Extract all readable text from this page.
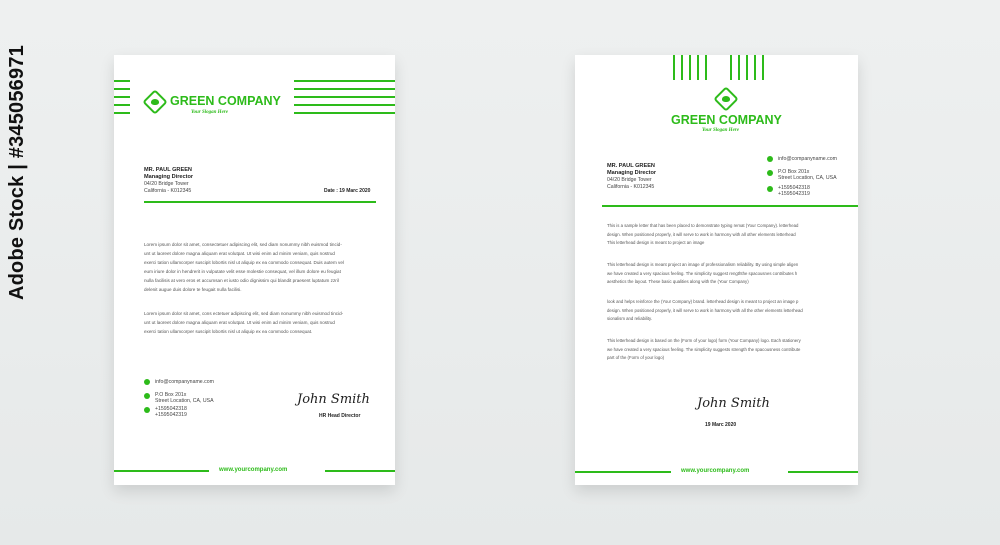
Adobe Stock | #345056971	GREEN COMPANY
Your Slogan Here
MR. PAUL GREEN
Managing Director
04/20 Bridge Tower
California - K012345	Date : 19 Marc 2020
Lorem ipsum dolor sit amet, consectetuer adipiscing elit, sed diam nonummy nibh euismod tincid-
unt ut laoreet dolore magna aliquam erat volutpat. Ut wisi enim ad minim veniam, quis nostrud
exerci tation ullamcorper suscipit lobortis nisl ut aliquip ex ea commodo consequat. Duis autem vel
eum iriure dolor in hendrerit in vulputate velit esse molestie consequat, vel illum dolore eu feugiat
nulla facilisis at vero eros et accumsan et iusto odio dignissim qui blandit praesent luptatum zzril
delenit augue duis dolore te feugait nulla facilisi.
Lorem ipsum dolor sit amet, cons ectetuer adipiscing elit, sed diam nonummy nibh euismod tincid-
unt ut laoreet dolore magna aliquam erat volutpat. Ut wisi enim ad minim veniam, quis nostrud
exerci tation ullamcorper suscipit lobortis nisl ut aliquip ex ea commodo consequat.
info@companyname.com
P.O Box 201x
Street Location, CA, USA
+1595042318
+1595042319
John Smith
HR Head Director
www.yourcompany.com
GREEN COMPANY
Your Slogan Here
MR. PAUL GREEN
Managing Director
04/20 Bridge Tower
California - K012345
info@companyname.com
P.O Box 201x
Street Location, CA, USA
+1595042318
+1595042319
This is a sample letter that has been placed to demonstrate typing remat (Your Company). letterhead
design. When positioned properly, it will serve to work in harmony with all other elements letterhead
This letterhead design is meant to project an image
This letterhead design is meant project an image of professionalism reliability. By using simple aligen
we have created a very spacious feeling. The simplicity suggest rengththe spacousnes contributes h
aesthetics the layout. These basic qualities along with the (Your Company)
look and helps reinforce the (Your Company) brand. letterhead design is meant to project an image p
design. When positioned properly, it will serve to work in harmony with all the other elements letterhead
sionalism and reliability.
This letterhead design is based on the (Form of your logo) form (Your Company) logo. Each stationery
we have created a very spacious feeling. The simplicity suggests strength the spacousness contribute
part of the (Form of your logo)
John Smith
19 Marc 2020
www.yourcompany.com
